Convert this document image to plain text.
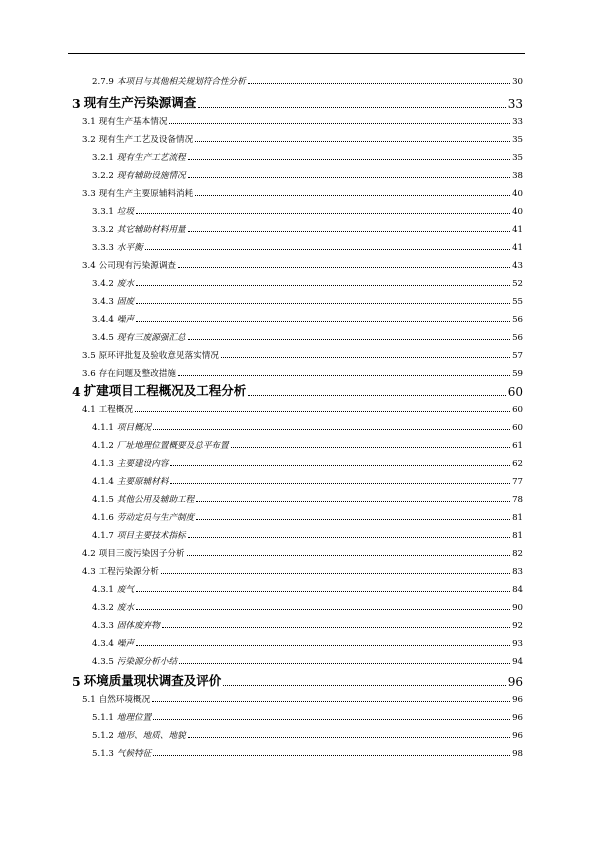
2.7.9 本项目与其他相关规划符合性分析	30
3 现有生产污染源调查	33
3.1 现有生产基本情况	33
3.2 现有生产工艺及设备情况	35
3.2.1 现有生产工艺流程	35
3.2.2 现有辅助设施情况	38
3.3 现有生产主要原辅料消耗	40
3.3.1 垃圾	40
3.3.2 其它辅助材料用量	41
3.3.3 水平衡	41
3.4 公司现有污染源调查	43
3.4.2 废水	52
3.4.3 固废	55
3.4.4 噪声	56
3.4.5 现有三废源强汇总	56
3.5 原环评批复及验收意见落实情况	57
3.6 存在问题及整改措施	59
4 扩建项目工程概况及工程分析	60
4.1 工程概况	60
4.1.1 项目概况	60
4.1.2 厂址地理位置概要及总平布置	61
4.1.3 主要建设内容	62
4.1.4 主要原辅材料	77
4.1.5 其他公用及辅助工程	78
4.1.6 劳动定员与生产制度	81
4.1.7 项目主要技术指标	81
4.2 项目三废污染因子分析	82
4.3 工程污染源分析	83
4.3.1 废气	84
4.3.2 废水	90
4.3.3 固体废弃物	92
4.3.4 噪声	93
4.3.5 污染源分析小结	94
5 环境质量现状调查及评价	96
5.1 自然环境概况	96
5.1.1 地理位置	96
5.1.2 地形、地质、地貌	96
5.1.3 气候特征	98
